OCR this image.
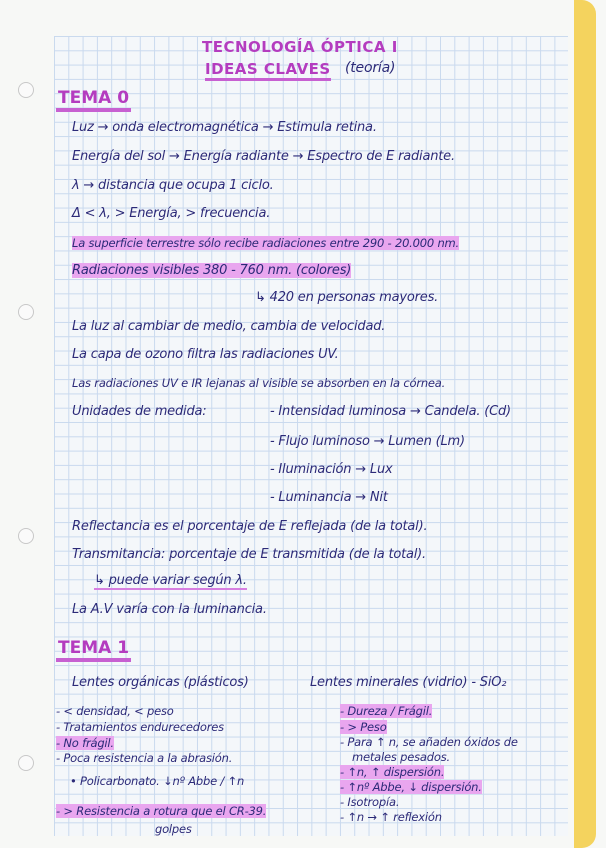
TECNOLOGÍA ÓPTICA I
IDEAS CLAVES (teoría)
TEMA 0
Luz → onda electromagnética → Estimula retina.
Energía del sol → Energía radiante → Espectro de E radiante.
λ → distancia que ocupa 1 ciclo.
Δ < λ, > Energía, > frecuencia.
La superficie terrestre sólo recibe radiaciones entre 290 - 20.000 nm.
Radiaciones visibles 380 - 760 nm. (colores)
↳ 420 en personas mayores.
La luz al cambiar de medio, cambia de velocidad.
La capa de ozono filtra las radiaciones UV.
Las radiaciones UV e IR lejanas al visible se absorben en la córnea.
Unidades de medida:	- Intensidad luminosa → Candela. (Cd)
- Flujo luminoso → Lumen (Lm)
- Iluminación → Lux
- Luminancia → Nit
Reflectancia es el porcentaje de E reflejada (de la total).
Transmitancia: porcentaje de E transmitida (de la total).
↳ puede variar según λ.
La A.V varía con la luminancia.
TEMA 1
Lentes orgánicas (plásticos)
- < densidad, < peso
- Tratamientos endurecedores
- No frágil.
- Poca resistencia a la abrasión.
• Policarbonato. ↓nº Abbe / ↑n
- > Resistencia a rotura que el CR-39.
golpes
Lentes minerales (vidrio) - SiO₂
- Dureza / Frágil.
- > Peso
- Para ↑ n, se añaden óxidos de
metales pesados.
- ↑n, ↑ dispersión.
- ↑nº Abbe, ↓ dispersión.
- Isotropía.
- ↑n → ↑ reflexión
